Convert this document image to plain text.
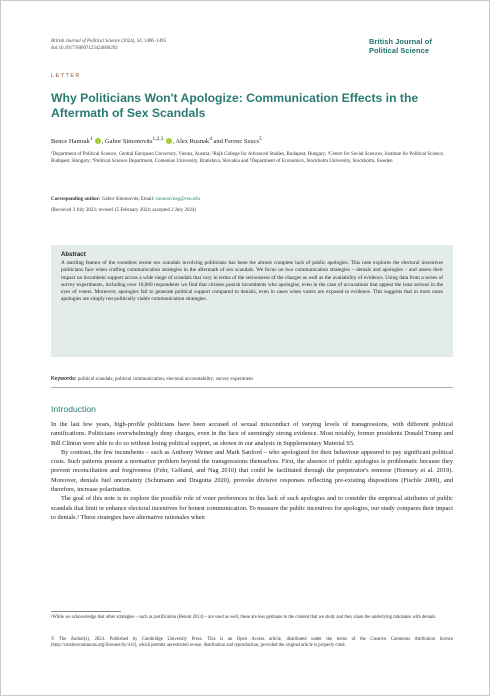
British Journal of Political Science (2024), 54, 1486–1495
doi:10.1017/S0007123424000292
British Journal of
Political Science
LETTER
Why Politicians Won't Apologize: Communication Effects in the Aftermath of Sex Scandals
Bence Hamrak$^1$ , Gabor Simonovits$^{1,2,3}$ , Alex Rusnak$^4$ and Ferenc Szucs$^5$
¹Department of Political Science, Central European University, Vienna, Austria; ²Rajk College for Advanced Studies, Budapest, Hungary; ³Centre for Social Sciences, Institute for Political Science, Budapest, Hungary; ⁴Political Science Department, Comenius University, Bratislava, Slovakia and ⁵Department of Economics, Stockholm University, Stockholm, Sweden
Corresponding author: Gabor Simonovits; Email: simonovitsg@ceu.edu
(Received 3 July 2023; revised 15 February 2024; accepted 2 July 2024)
Abstract
A startling feature of the countless recent sex scandals involving politicians has been the almost complete lack of public apologies. This note explores the electoral incentives politicians face when crafting communication strategies in the aftermath of sex scandals. We focus on two communication strategies – denials and apologies – and assess their impact on incumbent support across a wide range of scandals that vary in terms of the seriousness of the charges as well as the availability of evidence. Using data from a series of survey experiments, including over 10,000 respondents we find that citizens punish incumbents who apologise, even in the case of accusations that appear the least serious in the eyes of voters. Moreover, apologies fail to generate political support compared to denials, even in cases when voters are exposed to evidence. This suggests that in most cases apologies are simply not politically viable communication strategies.
Keywords: political scandals; political communication; electoral accountability; survey experiment
Introduction

In the last few years, high-profile politicians have been accused of sexual misconduct of varying levels of transgressions, with different political ramifications. Politicians overwhelmingly deny charges, even in the face of seemingly strong evidence. Most notably, former presidents Donald Trump and Bill Clinton were able to do so without losing political support, as shown in our analysis in Supplementary Material S5.

By contrast, the few incumbents – such as Anthony Weiner and Mark Sanford – who apologized for their behaviour appeared to pay significant political costs. Such patterns present a normative problem beyond the transgressions themselves. First, the absence of public apologies is problematic because they prevent reconciliation and forgiveness (Fehr, Gelfand, and Nag 2010) that could be facilitated through the perpetrator's remorse (Hornsey et al. 2019). Moreover, denials fuel uncertainty (Schumann and Dragotta 2020), provoke divisive responses reflecting pre-existing dispositions (Fischle 2000), and therefore, increase polarization.

The goal of this note is to explore the possible role of voter preferences in this lack of such apologies and to consider the empirical attributes of public scandals that limit or enhance electoral incentives for honest communication. To measure the public incentives for apologies, our study compares their impact to denials.¹ These strategies have alternative rationales when

¹While we acknowledge that other strategies – such as justification (Benoit 2014) – are used as well, these are less germane to the content that we study and they share the underlying rationales with denials.
© The Author(s), 2024. Published by Cambridge University Press. This is an Open Access article, distributed under the terms of the Creative Commons Attribution licence (http://creativecommons.org/licenses/by/4.0/), which permits unrestricted re-use, distribution and reproduction, provided the original article is properly cited.
